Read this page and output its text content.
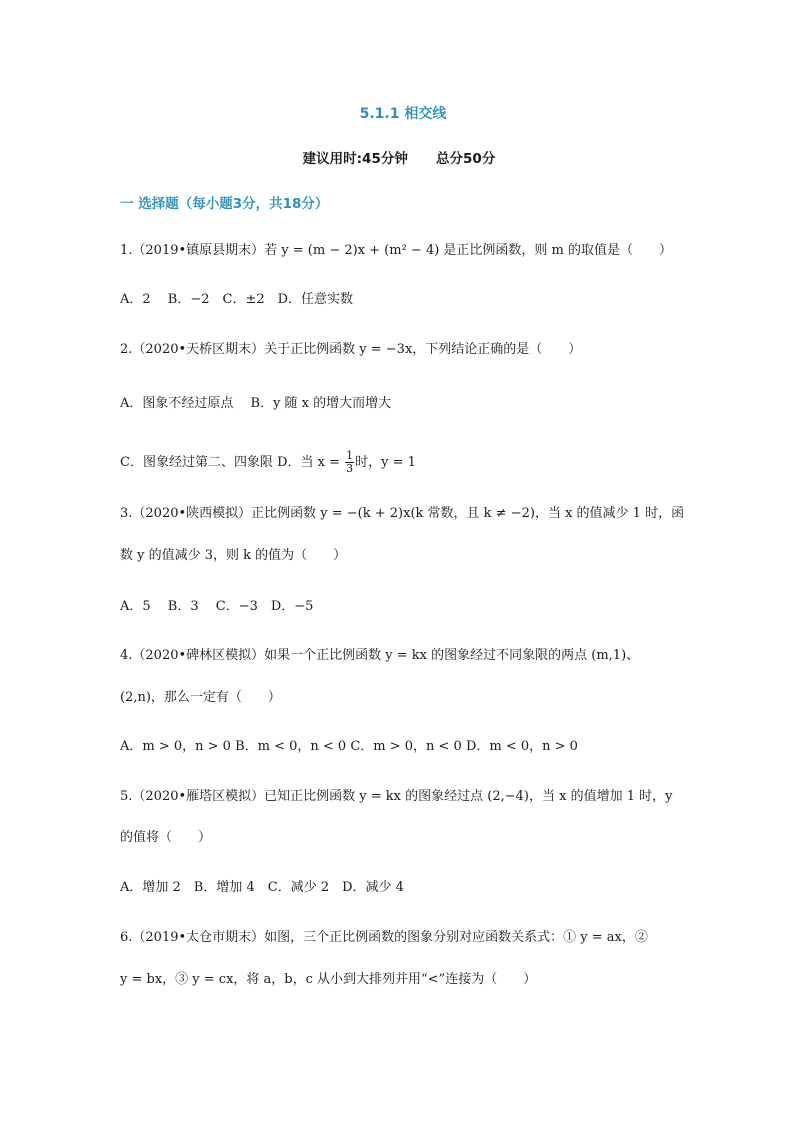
5.1.1 相交线
建议用时:45分钟      总分50分
一 选择题（每小题3分，共18分）
1.（2019•镇原县期末）若 y = (m − 2)x + (m² − 4) 是正比例函数，则 m 的取值是（　　）
A．2　 B．−2　C．±2　D．任意实数
2.（2020•天桥区期末）关于正比例函数 y = −3x，下列结论正确的是（　　）
A．图象不经过原点　 B．y 随 x 的增大而增大
C．图象经过第二、四象限 D．当 $x = \frac{1}{3}$ 时，y = 1
3.（2020•陕西模拟）正比例函数 y = −(k + 2)x(k 常数，且 k ≠ −2)，当 x 的值减少 1 时，函
数 y 的值减少 3，则 k 的值为（　　）
A．5　 B．3　 C．−3　D．−5
4.（2020•碑林区模拟）如果一个正比例函数 y = kx 的图象经过不同象限的两点 (m,1)、
(2,n)，那么一定有（　　）
A．m > 0，n > 0 B．m < 0，n < 0 C．m > 0，n < 0 D．m < 0，n > 0
5.（2020•雁塔区模拟）已知正比例函数 y = kx 的图象经过点 (2,−4)，当 x 的值增加 1 时，y
的值将（　　）
A．增加 2　B．增加 4　C．减少 2　D．减少 4
6.（2019•太仓市期末）如图，三个正比例函数的图象分别对应函数关系式：① y = ax，②
y = bx，③ y = cx，将 a，b，c 从小到大排列并用“<”连接为（　　）
